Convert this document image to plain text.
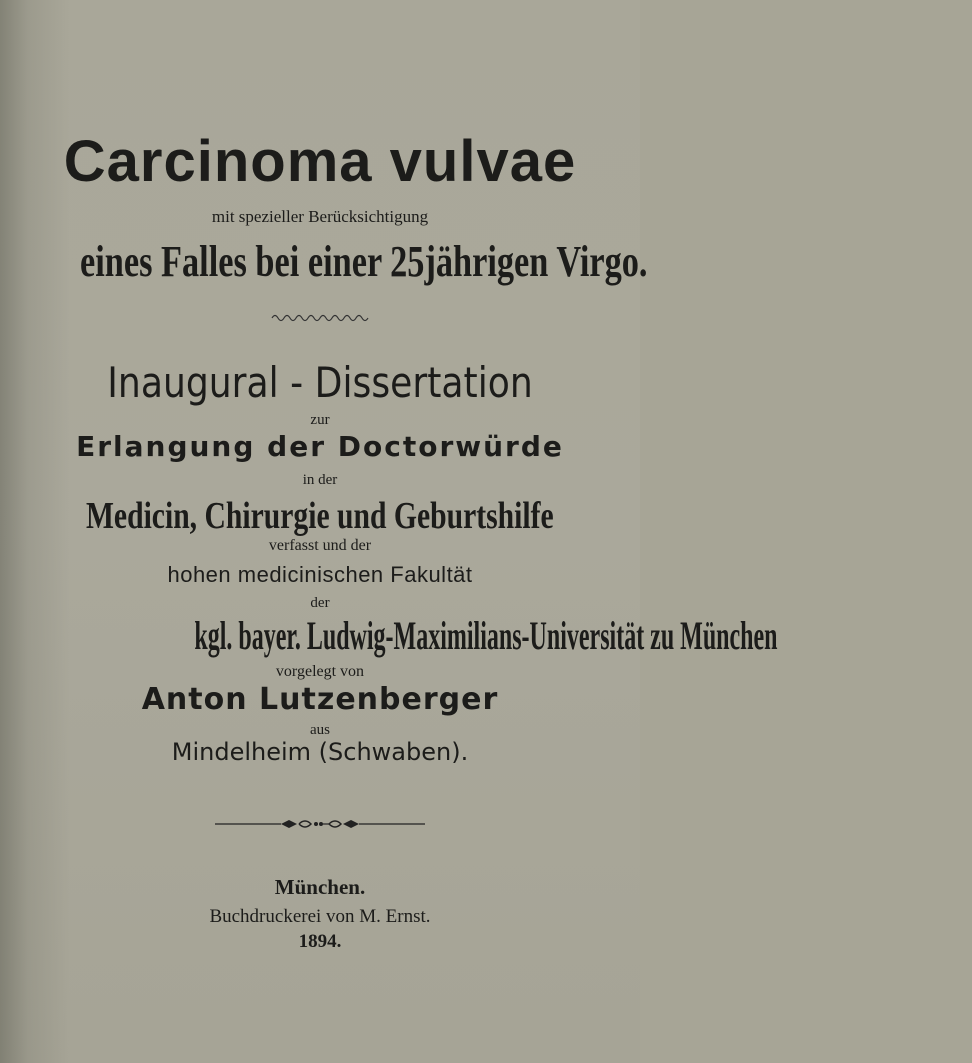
Carcinoma vulvae

mit spezieller Berücksichtigung

eines Falles bei einer 25jährigen Virgo.

Inaugural - Dissertation

zur

Erlangung der Doctorwürde

in der

Medicin, Chirurgie und Geburtshilfe

verfasst und der

hohen medicinischen Fakultät

der

kgl. bayer. Ludwig-Maximilians-Universität zu München

vorgelegt von

Anton Lutzenberger

aus

Mindelheim (Schwaben).

München.

Buchdruckerei von M. Ernst.

1894.
